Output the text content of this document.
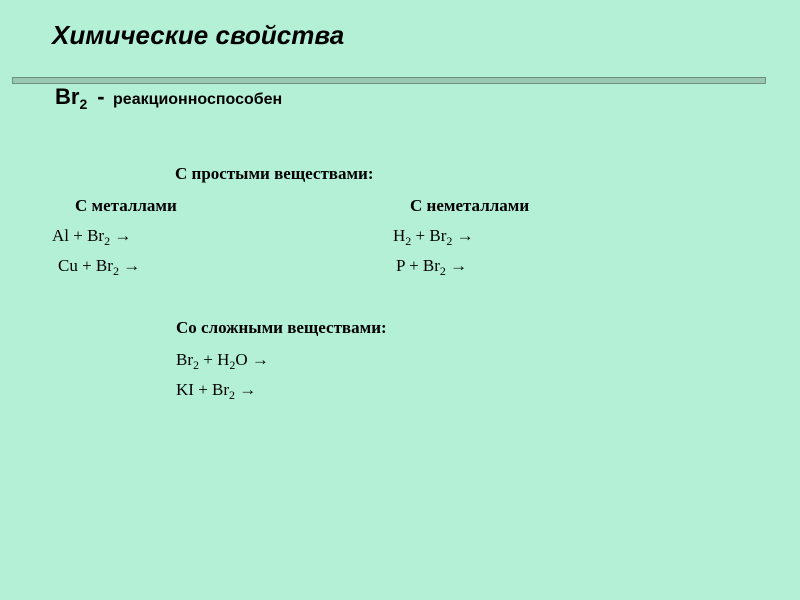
Химические свойства
$Br_2$ - реакционноспособен
С простыми веществами:
С металлами	С неметаллами
$Al + Br_2$ →
$Cu + Br_2$ →
$H_2 + Br_2$ →
$P + Br_2$ →
Со сложными веществами:
$Br_2 + H_2O$ →
KI + $Br_2$ →
